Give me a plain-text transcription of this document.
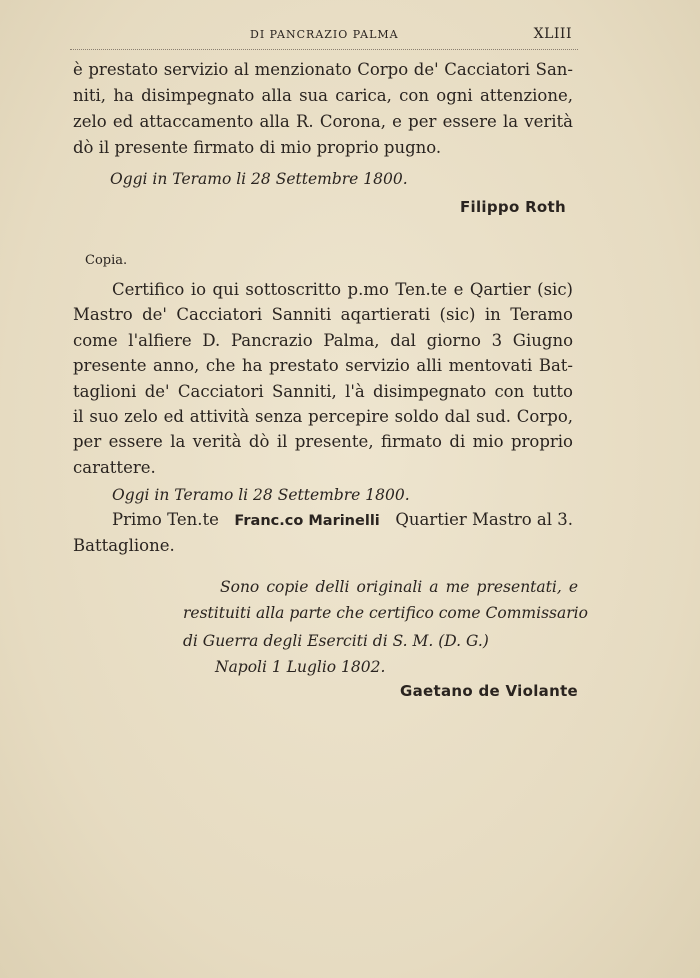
DI PANCRAZIO PALMA	XLIII
è prestato servizio al menzionato Corpo de' Cacciatori San-
niti, ha disimpegnato alla sua carica, con ogni attenzione,
zelo ed attaccamento alla R. Corona, e per essere la verità
dò il presente firmato di mio proprio pugno.
Oggi in Teramo li 28 Settembre 1800.
Filippo Roth
Copia.
Certifico io qui sottoscritto p.mo Ten.te e Qartier (sic)
Mastro de' Cacciatori Sanniti aqartierati (sic) in Teramo
come l'alfiere D. Pancrazio Palma, dal giorno 3 Giugno
presente anno, che ha prestato servizio alli mentovati Bat-
taglioni de' Cacciatori Sanniti, l'à disimpegnato con tutto
il suo zelo ed attività senza percepire soldo dal sud. Corpo,
per essere la verità dò il presente, firmato di mio proprio
carattere.
Oggi in Teramo li 28 Settembre 1800.
Primo Ten.te Franc.co Marinelli Quartier Mastro al 3.
Battaglione.
Sono copie delli originali a me presentati, e
restituiti alla parte che certifico come Commissario
di Guerra degli Eserciti di S. M. (D. G.)
Napoli 1 Luglio 1802.
Gaetano de Violante
